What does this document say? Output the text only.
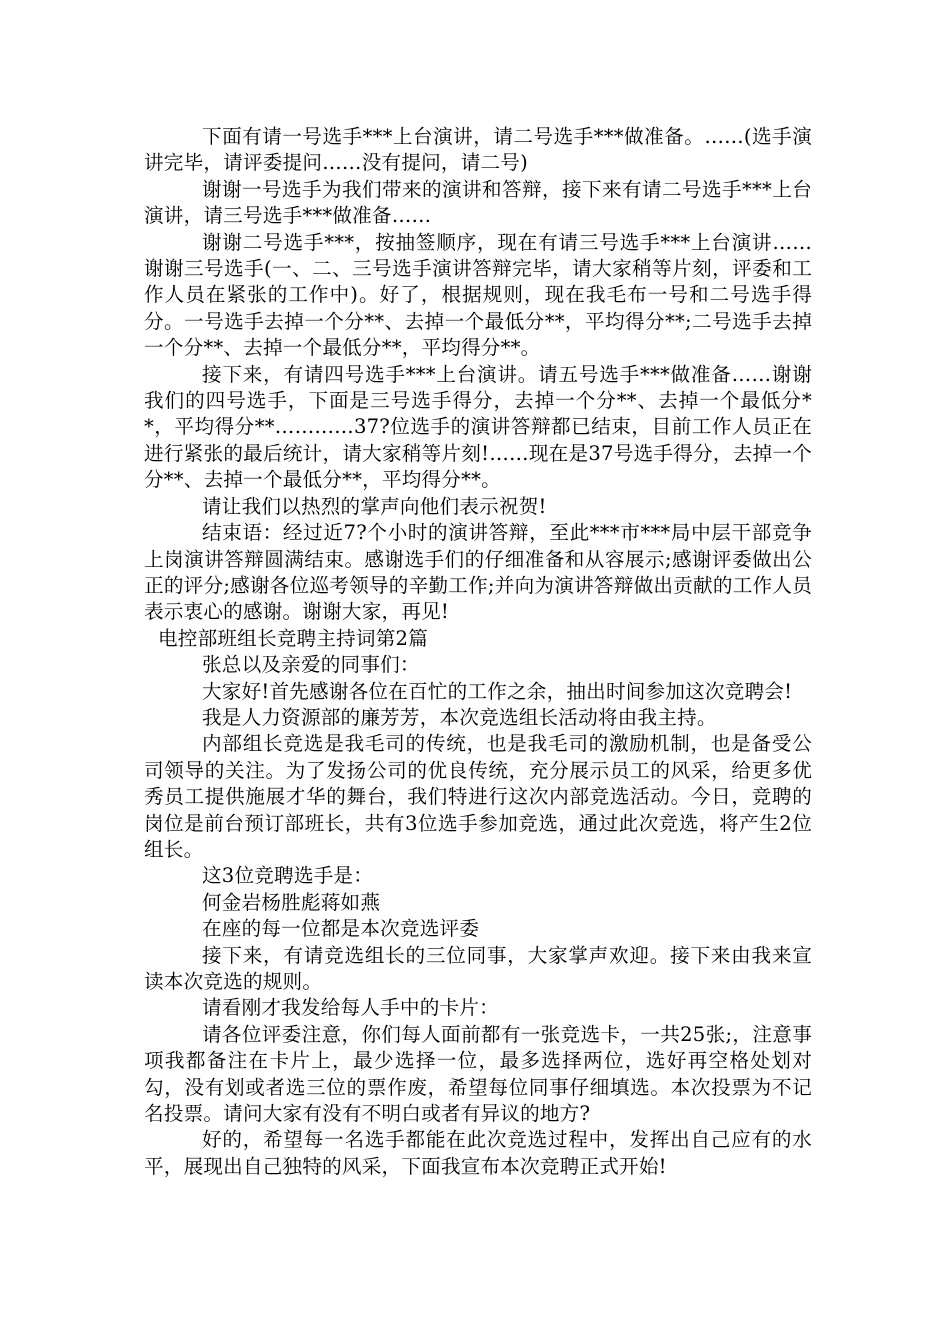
下面有请一号选手***上台演讲，请二号选手***做准备。……(选手演讲完毕，请评委提问……没有提问，请二号)

谢谢一号选手为我们带来的演讲和答辩，接下来有请二号选手***上台演讲，请三号选手***做准备……

谢谢二号选手***，按抽签顺序，现在有请三号选手***上台演讲……谢谢三号选手(一、二、三号选手演讲答辩完毕，请大家稍等片刻，评委和工作人员在紧张的工作中)。好了，根据规则，现在我毛布一号和二号选手得分。一号选手去掉一个分**、去掉一个最低分**，平均得分**;二号选手去掉一个分**、去掉一个最低分**，平均得分**。

接下来，有请四号选手***上台演讲。请五号选手***做准备……谢谢我们的四号选手，下面是三号选手得分，去掉一个分**、去掉一个最低分**，平均得分**…………37?位选手的演讲答辩都已结束，目前工作人员正在进行紧张的最后统计，请大家稍等片刻!……现在是37号选手得分，去掉一个分**、去掉一个最低分**，平均得分**。

请让我们以热烈的掌声向他们表示祝贺!

结束语：经过近7?个小时的演讲答辩，至此***市***局中层干部竞争上岗演讲答辩圆满结束。感谢选手们的仔细准备和从容展示;感谢评委做出公正的评分;感谢各位巡考领导的辛勤工作;并向为演讲答辩做出贡献的工作人员表示衷心的感谢。谢谢大家，再见!

电控部班组长竞聘主持词第2篇

张总以及亲爱的同事们：

大家好!首先感谢各位在百忙的工作之余，抽出时间参加这次竞聘会!

我是人力资源部的廉芳芳，本次竞选组长活动将由我主持。

内部组长竞选是我毛司的传统，也是我毛司的激励机制，也是备受公司领导的关注。为了发扬公司的优良传统，充分展示员工的风采，给更多优秀员工提供施展才华的舞台，我们特进行这次内部竞选活动。今日，竞聘的岗位是前台预订部班长，共有3位选手参加竞选，通过此次竞选，将产生2位组长。

这3位竞聘选手是：

何金岩杨胜彪蒋如燕

在座的每一位都是本次竞选评委

接下来，有请竞选组长的三位同事，大家掌声欢迎。接下来由我来宣读本次竞选的规则。

请看刚才我发给每人手中的卡片：

请各位评委注意，你们每人面前都有一张竞选卡，一共25张;，注意事项我都备注在卡片上，最少选择一位，最多选择两位，选好再空格处划对勾，没有划或者选三位的票作废，希望每位同事仔细填选。本次投票为不记名投票。请问大家有没有不明白或者有异议的地方?

好的，希望每一名选手都能在此次竞选过程中，发挥出自己应有的水平，展现出自己独特的风采，下面我宣布本次竞聘正式开始!
